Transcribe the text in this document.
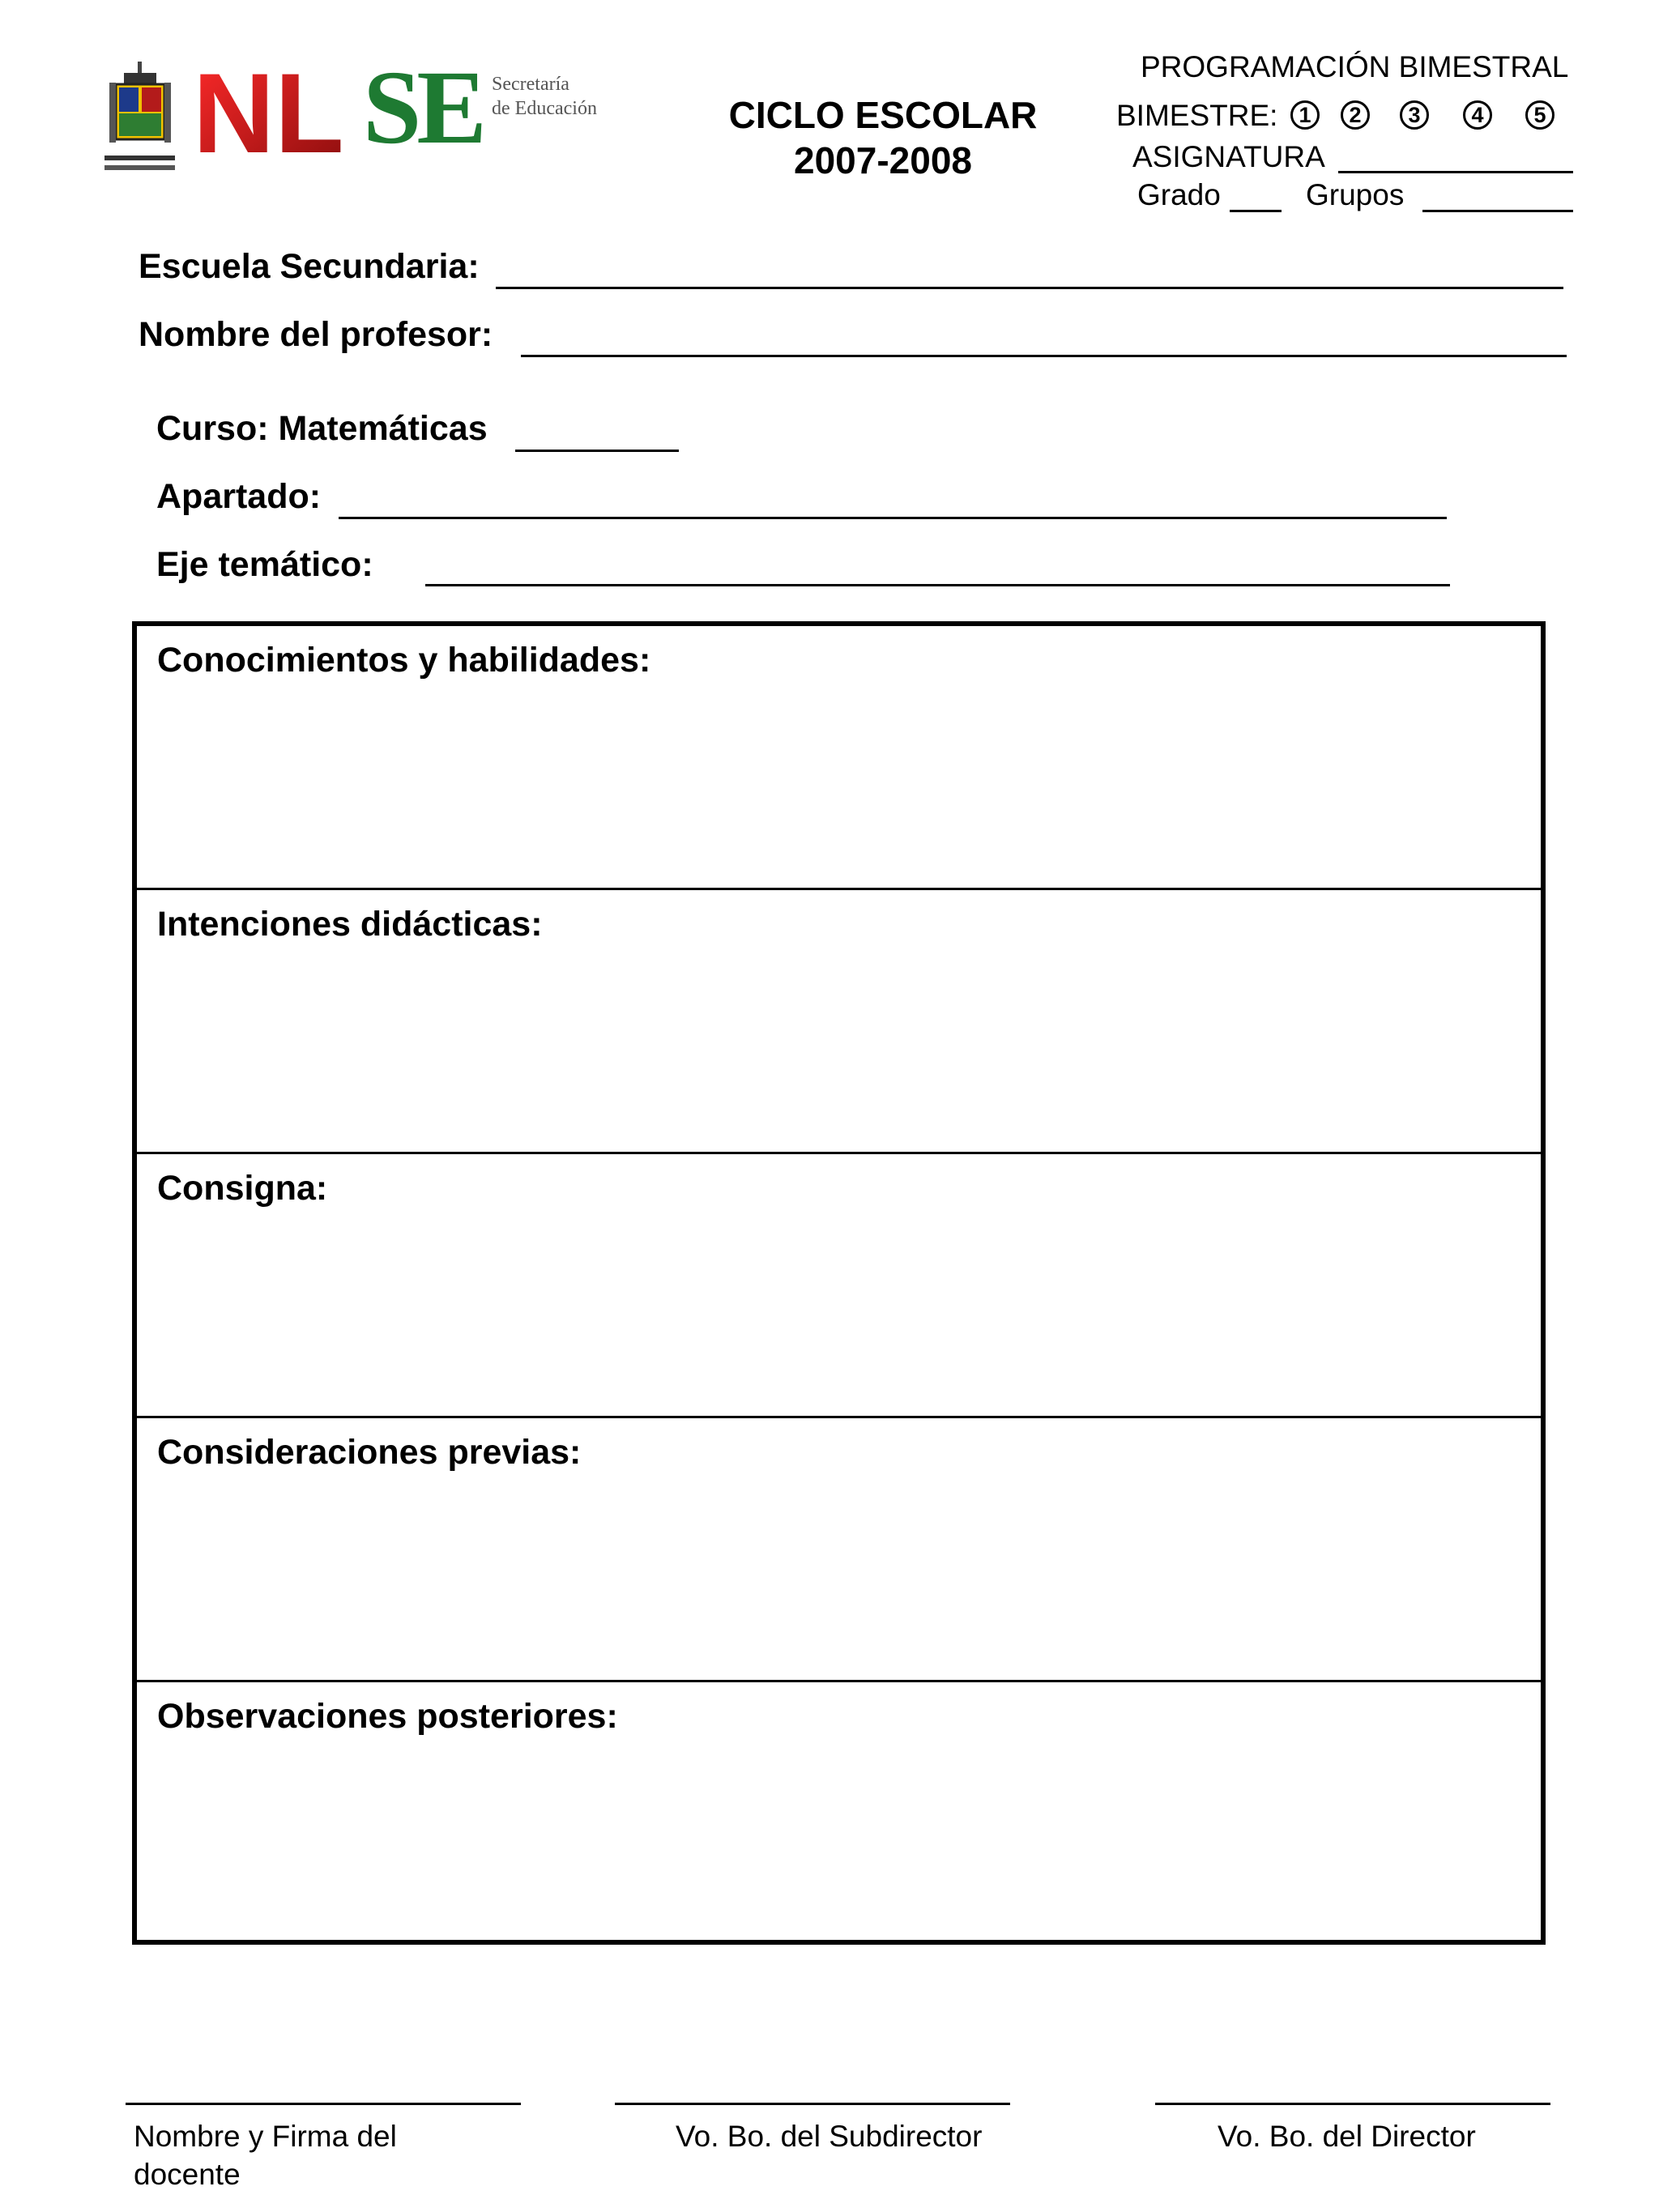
NL SE Secretaría
de Educación	CICLO ESCOLAR
2007-2008
PROGRAMACIÓN BIMESTRAL
BIMESTRE: 1	2	3	4	5
ASIGNATURA
Grado	Grupos
Escuela Secundaria:
Nombre del profesor:
Curso: Matemáticas
Apartado:
Eje temático:
Conocimientos y habilidades:
Intenciones didácticas:
Consigna:
Consideraciones previas:
Observaciones posteriores:
Nombre y Firma del
docente
Vo. Bo. del Subdirector	Vo. Bo. del Director
